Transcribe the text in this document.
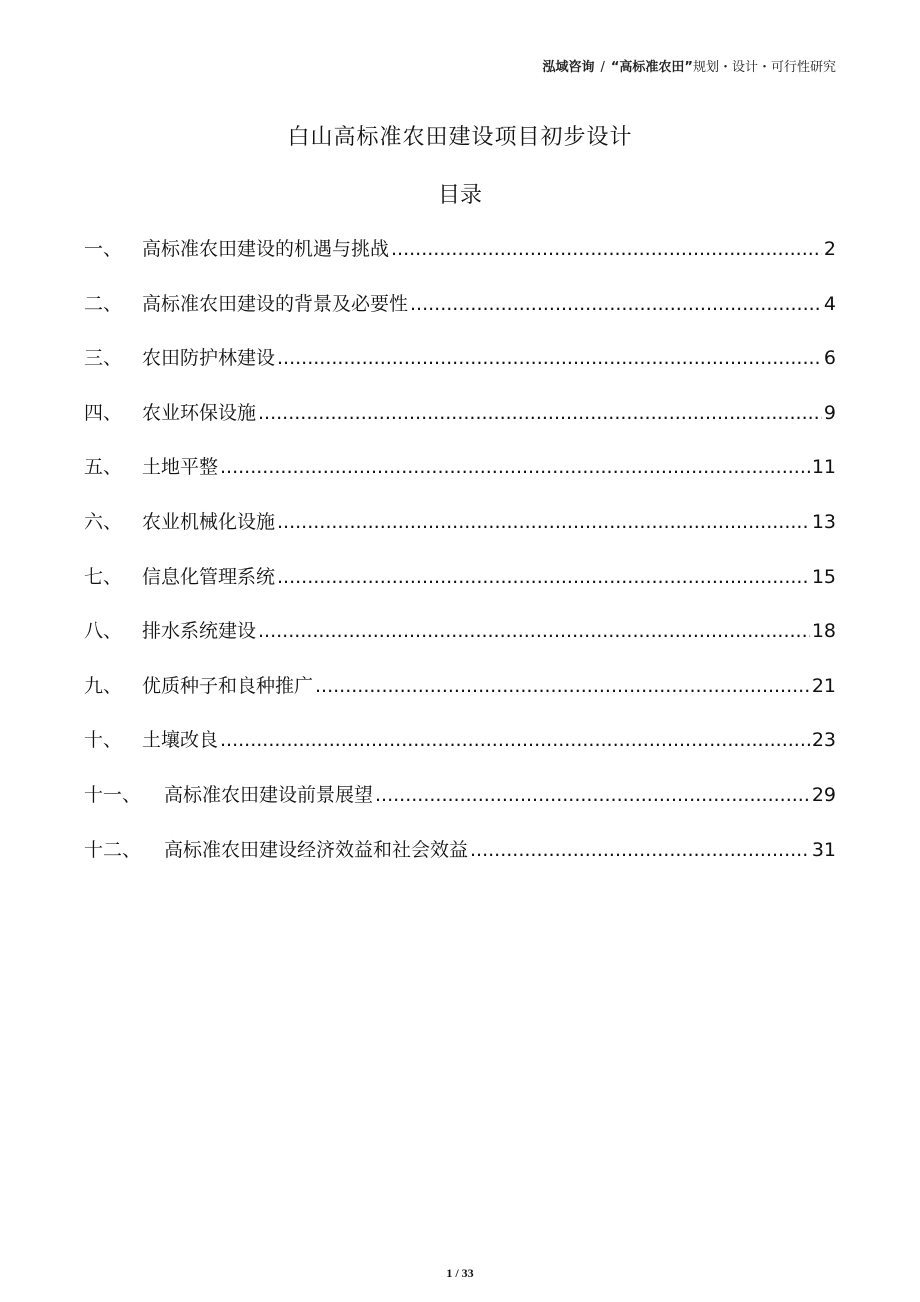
泓域咨询 / “高标准农田”规划・设计・可行性研究
白山高标准农田建设项目初步设计
目录
一、	高标准农田建设的机遇与挑战 .....	2
二、	高标准农田建设的背景及必要性 .....	4
三、	农田防护林建设 .....	6
四、	农业环保设施 .....	9
五、	土地平整 .....	11
六、	农业机械化设施 .....	13
七、	信息化管理系统 .....	15
八、	排水系统建设 .....	18
九、	优质种子和良种推广 .....	21
十、	土壤改良 .....	23
十一、	高标准农田建设前景展望 .....	29
十二、	高标准农田建设经济效益和社会效益 .....	31
1 / 33
